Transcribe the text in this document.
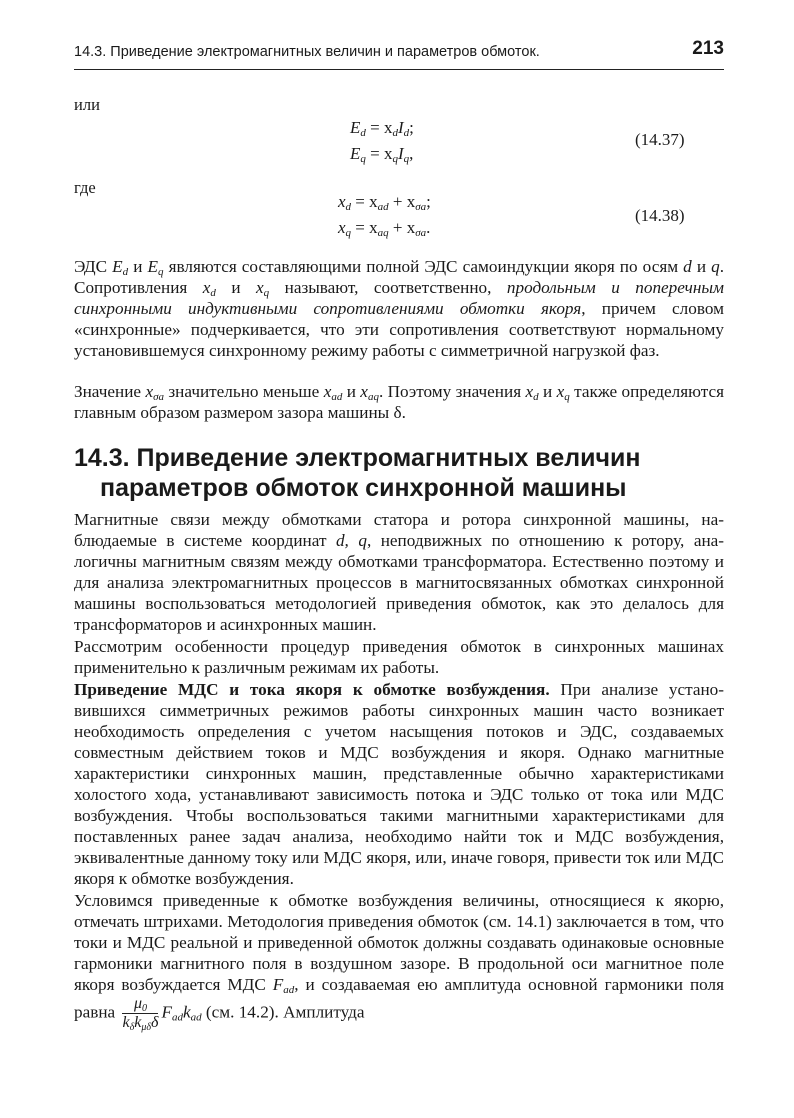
14.3. Приведение электромагнитных величин и параметров обмоток.	213
или
$E_d = x_dI_d$;
$E_q = x_qI_q$,
(14.37)
где
$x_d = x_{ad} + x_{\sigma a}$;
$x_q = x_{aq} + x_{\sigma a}$.
(14.38)

ЭДС $E_d$ и $E_q$ являются составляющими полной ЭДС самоиндукции якоря по осям d и q. Сопротивления $x_d$ и $x_q$ называют, соответственно, продольным и поперечным синхронными индуктивными сопротивлениями обмотки якоря, причем словом «синхронные» подчеркивается, что эти сопротивления соответствуют нормальному установившемуся синхронному режиму работы с симметричной нагрузкой фаз.

Значение $x_{\sigma a}$ значительно меньше $x_{ad}$ и $x_{aq}$. Поэтому значения $x_d$ и $x_q$ также определяются главным образом размером зазора машины δ.

14.3. Приведение электромагнитных величин
параметров обмоток синхронной машины

Магнитные связи между обмотками статора и ротора синхронной машины, наблюдаемые в системе координат d, q, неподвижных по отношению к ротору, аналогичны магнитным связям между обмотками трансформатора. Естественно поэтому и для анализа электромагнитных процессов в магнитосвязанных обмотках синхронной машины воспользоваться методологией приведения обмоток, как это делалось для трансформаторов и асинхронных машин.

Рассмотрим особенности процедур приведения обмоток в синхронных машинах применительно к различным режимам их работы.

Приведение МДС и тока якоря к обмотке возбуждения. При анализе установившихся симметричных режимов работы синхронных машин часто возникает необходимость определения с учетом насыщения потоков и ЭДС, создаваемых совместным действием токов и МДС возбуждения и якоря. Однако магнитные характеристики синхронных машин, представленные обычно характеристиками холостого хода, устанавливают зависимость потока и ЭДС только от тока или МДС возбуждения. Чтобы воспользоваться такими магнитными характеристиками для поставленных ранее задач анализа, необходимо найти ток и МДС возбуждения, эквивалентные данному току или МДС якоря, или, иначе говоря, привести ток или МДС якоря к обмотке возбуждения.

Условимся приведенные к обмотке возбуждения величины, относящиеся к якорю, отмечать штрихами. Методология приведения обмоток (см. 14.1) заключается в том, что токи и МДС реальной и приведенной обмоток должны создавать одинаковые основные гармоники магнитного поля в воздушном зазоре. В продольной оси магнитное поле якоря возбуждается МДС $F_{ad}$, и создаваемая ею амплитуда основной гармоники поля равна $\frac{\mu_0}{k_\delta k_{\mu\delta}\delta} F_{ad}k_{ad}$ (см. 14.2). Амплитуда
